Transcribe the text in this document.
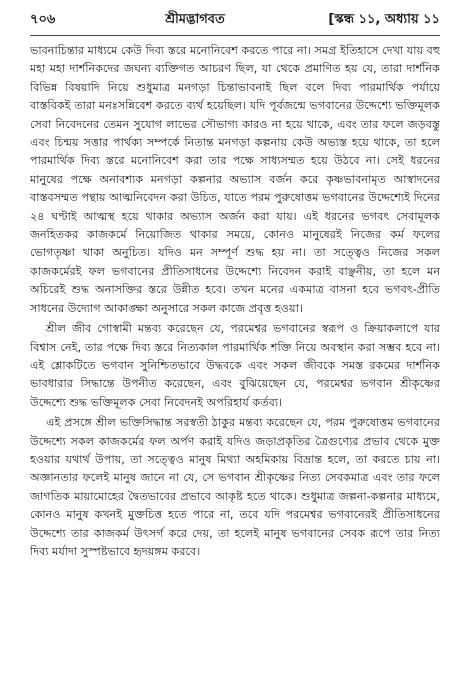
৭০৬	শ্রীমদ্ভাগবত	[স্কন্ধ ১১, অধ্যায় ১১

ভাবনাচিন্তার মাধ্যমে কেউ দিব্য স্তরে মনোনিবেশ করতে পারে না। সমগ্র ইতিহাসে দেখা যায় বহু মহা মহা দার্শনিকদের জঘন্য ব্যক্তিগত আচরণ ছিল, যা থেকে প্রমাণিত হয় যে, তারা দার্শনিক বিভিন্ন বিষয়াদি নিয়ে শুধুমাত্র মনগড়া চিন্তাভাবনাই ছিল বলে দিব্য পারমার্থিক পর্যায়ে বাস্তবিকই তারা মনঃসন্নিবেশ করতে ব্যর্থ হয়েছিল। যদি পূর্বজন্মে ভগবানের উদ্দেশ্যে ভক্তিমূলক সেবা নিবেদনের তেমন সুযোগ লাভের সৌভাগ্য কারও না হয়ে থাকে, এবং তার ফলে জড়বস্তু এবং চিন্ময় সত্তার পার্থক্য সম্পর্কে নিতান্ত মনগড়া কল্পনায় কেউ অভ্যস্ত হয়ে থাকে, তা হলে পারমার্থিক দিব্য স্তরে মনোনিবেশ করা তার পক্ষে সাধ্যসম্মত হয়ে উঠবে না। সেই ধরনের মানুষের পক্ষে অনাবশ্যক মনগড়া কল্পনার অভ্যাস বর্জন করে কৃষ্ণভাবনামৃত আস্বাদনের বাস্তবসম্মত পন্থায় আত্মনিবেদন করা উচিত, যাতে পরম পুরুষোত্তম ভগবানের উদ্দেশ্যেই দিনের ২৪ ঘণ্টাই আত্মস্থ হয়ে থাকার অভ্যাস অর্জন করা যায়। এই ধরনের ভগবৎ সেবামূলক জনহিতকর কাজকর্মে নিয়োজিত থাকার সময়ে, কোনও মানুষেরই নিজের কর্ম ফলের ভোগতৃষ্ণা থাকা অনুচিত। যদিও মন সম্পূর্ণ শুদ্ধ হয় না। তা সত্ত্বেও নিজের সকল কাজকর্মেরই ফল ভগবানের প্রীতিসাধনের উদ্দেশ্যে নিবেদন করাই বাঞ্ছনীয়, তা হলে মন অচিরেই শুদ্ধ অনাসক্তির স্তরে উন্নীত হবে। তখন মনের একমাত্র বাসনা হবে ভগবৎ-প্রীতি সাধনের উদ্যোগ আকাঙ্ক্ষা অনুসারে সকল কাজে প্রবৃত্ত হওয়া।

শ্রীল জীব গোস্বামী মন্তব্য করেছেন যে, পরমেশ্বর ভগবানের স্বরূপ ও ক্রিয়াকলাপে যার বিশ্বাস নেই, তার পক্ষে দিব্য স্তরে নিত্যকাল পারমার্থিক শক্তি নিয়ে অবস্থান করা সম্ভব হবে না। এই শ্লোকটিতে ভগবান সুনিশ্চিতভাবে উদ্ধবকে এবং সকল জীবকে সমস্ত রকমের দার্শনিক ভাবধারার সিদ্ধান্তে উপনীত করেছেন, এবং বুঝিয়েছেন যে, পরমেশ্বর ভগবান শ্রীকৃষ্ণের উদ্দেশ্যে শুদ্ধ ভক্তিমূলক সেবা নিবেদনই অপরিহার্য কর্তব্য।

এই প্রসঙ্গে শ্রীল ভক্তিসিদ্ধান্ত সরস্বতী ঠাকুর মন্তব্য করেছেন যে, পরম পুরুষোত্তম ভগবানের উদ্দেশ্যে সকল কাজকর্মের ফল অর্পণ করাই যদিও জড়াপ্রকৃতির ত্রৈগুণ্যের প্রভাব থেকে মুক্ত হওয়ার যথার্থ উপায়, তা সত্ত্বেও মানুষ মিথ্যা অহমিকায় বিভ্রান্ত হলে, তা করতে চায় না। অজ্ঞানতার ফলেই মানুষ জানে না যে, সে ভগবান শ্রীকৃষ্ণের নিত্য সেবকমাত্র এবং তার ফলে জাগতিক মায়ামোহের দ্বৈতভাবের প্রভাবে আকৃষ্ট হতে থাকে। শুধুমাত্র জল্পনা-কল্পনার মাধ্যমে, কোনও মানুষ কখনই মুক্তচিত্ত হতে পারে না, তবে যদি পরমেশ্বর ভগবানেরই প্রীতিসাধনের উদ্দেশ্যে তার কাজকর্ম উৎসর্গ করে দেয়, তা হলেই মানুষ ভগবানের সেবক রূপে তার নিত্য দিব্য মর্যাদা সুস্পষ্টভাবে হৃদয়ঙ্গম করবে।
